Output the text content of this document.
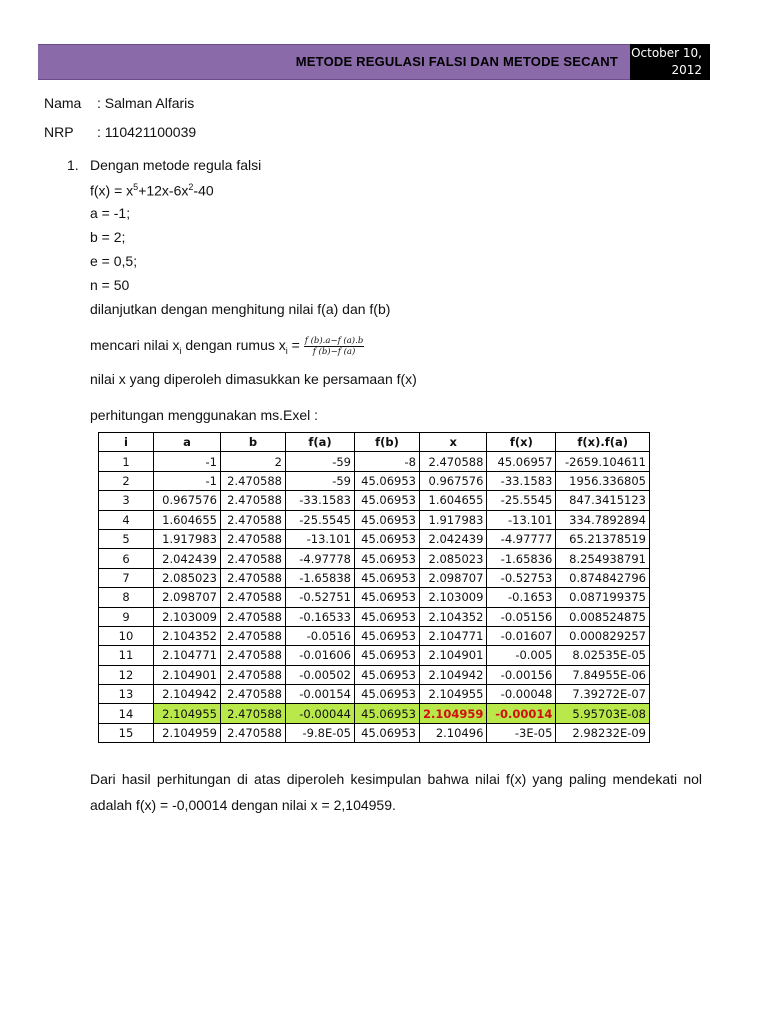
METODE REGULASI FALSI DAN METODE SECANT
October 10,
2012
Nama : Salman Alfaris
NRP : 110421100039
1. Dengan metode regula falsi
$f(x) = x^5+12x-6x^2-40$
a = -1;
b = 2;
e = 0,5;
n = 50
dilanjutkan dengan menghitung nilai f(a) dan f(b)
mencari nilai $x_i$ dengan rumus $x_i = \frac{f (b).a-f (a).b}{f (b)-f (a)}$
nilai x yang diperoleh dimasukkan ke persamaan f(x)
perhitungan menggunakan ms.Exel :
i	a	b	f(a)	f(b)	x	f(x)	f(x).f(a)
1	-1	2	-59	-8	2.470588	45.06957	-2659.104611
2	-1	2.470588	-59	45.06953	0.967576	-33.1583	1956.336805
3	0.967576	2.470588	-33.1583	45.06953	1.604655	-25.5545	847.3415123
4	1.604655	2.470588	-25.5545	45.06953	1.917983	-13.101	334.7892894
5	1.917983	2.470588	-13.101	45.06953	2.042439	-4.97777	65.21378519
6	2.042439	2.470588	-4.97778	45.06953	2.085023	-1.65836	8.254938791
7	2.085023	2.470588	-1.65838	45.06953	2.098707	-0.52753	0.874842796
8	2.098707	2.470588	-0.52751	45.06953	2.103009	-0.1653	0.087199375
9	2.103009	2.470588	-0.16533	45.06953	2.104352	-0.05156	0.008524875
10	2.104352	2.470588	-0.0516	45.06953	2.104771	-0.01607	0.000829257
11	2.104771	2.470588	-0.01606	45.06953	2.104901	-0.005	8.02535E-05
12	2.104901	2.470588	-0.00502	45.06953	2.104942	-0.00156	7.84955E-06
13	2.104942	2.470588	-0.00154	45.06953	2.104955	-0.00048	7.39272E-07
14	2.104955	2.470588	-0.00044	45.06953	2.104959	-0.00014	5.95703E-08
15	2.104959	2.470588	-9.8E-05	45.06953	2.10496	-3E-05	2.98232E-09
Dari hasil perhitungan di atas diperoleh kesimpulan bahwa nilai f(x) yang paling mendekati nol adalah f(x) = -0,00014 dengan nilai x = 2,104959.
